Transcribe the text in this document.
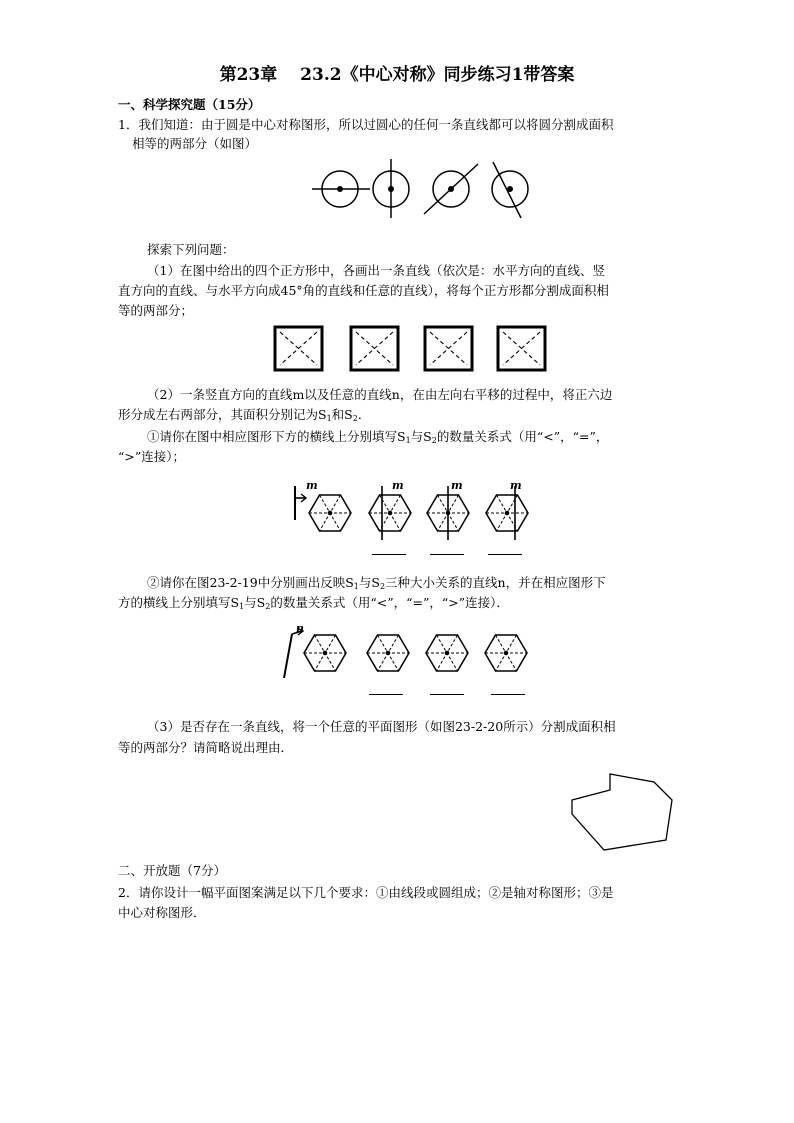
第23章　 23.2《中心对称》同步练习1带答案
一、科学探究题（15分）
1．我们知道：由于圆是中心对称图形，所以过圆心的任何一条直线都可以将圆分割成面积
相等的两部分（如图）
探索下列问题：
（1）在图中给出的四个正方形中，各画出一条直线（依次是：水平方向的直线、竖
直方向的直线、与水平方向成45°角的直线和任意的直线），将每个正方形都分割成面积相
等的两部分；
（2）一条竖直方向的直线m以及任意的直线n，在由左向右平移的过程中，将正六边
形分成左右两部分，其面积分别记为$S_1$和$S_2$．
①请你在图中相应图形下方的横线上分别填写$S_1$与$S_2$的数量关系式（用“<”，“=”，
“>”连接）；
m	m	m	m
②请你在图23-2-19中分别画出反映$S_1$与$S_2$三种大小关系的直线n，并在相应图形下
方的横线上分别填写$S_1$与$S_2$的数量关系式（用“<”，“=”，“>”连接）．
n
（3）是否存在一条直线，将一个任意的平面图形（如图23-2-20所示）分割成面积相
等的两部分？请简略说出理由．
二、开放题（7分）
2．请你设计一幅平面图案满足以下几个要求：①由线段或圆组成；②是轴对称图形；③是
中心对称图形．
